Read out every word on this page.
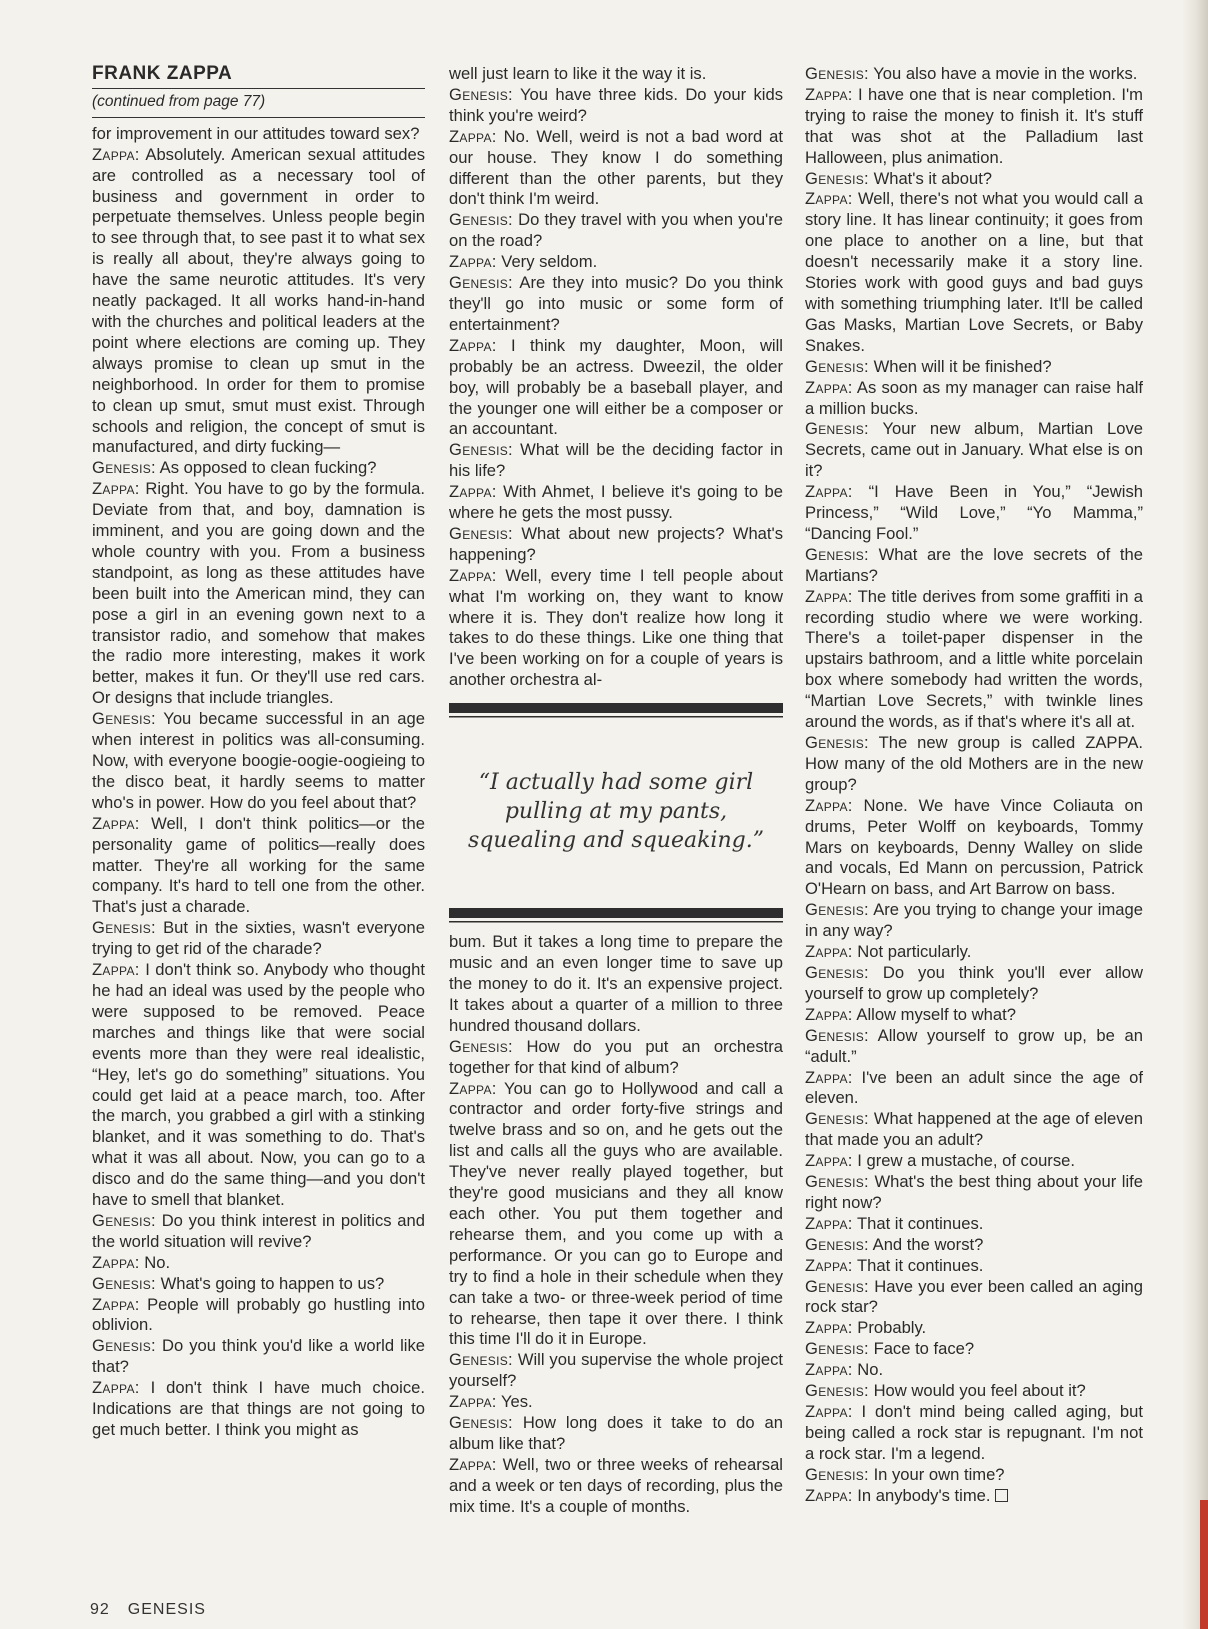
FRANK ZAPPA
(continued from page 77)

for improvement in our attitudes toward sex?

Zappa: Absolutely. American sexual attitudes are controlled as a necessary tool of business and government in order to perpetuate themselves. Unless people begin to see through that, to see past it to what sex is really all about, they're always going to have the same neurotic attitudes. It's very neatly packaged. It all works hand-in-hand with the churches and political leaders at the point where elections are coming up. They always promise to clean up smut in the neighborhood. In order for them to promise to clean up smut, smut must exist. Through schools and religion, the concept of smut is manufactured, and dirty fucking—

Genesis: As opposed to clean fucking?

Zappa: Right. You have to go by the formula. Deviate from that, and boy, damnation is imminent, and you are going down and the whole country with you. From a business standpoint, as long as these attitudes have been built into the American mind, they can pose a girl in an evening gown next to a transistor radio, and somehow that makes the radio more interesting, makes it work better, makes it fun. Or they'll use red cars. Or designs that include triangles.

Genesis: You became successful in an age when interest in politics was all-consuming. Now, with everyone boogie-oogie-oogieing to the disco beat, it hardly seems to matter who's in power. How do you feel about that?

Zappa: Well, I don't think politics—or the personality game of politics—really does matter. They're all working for the same company. It's hard to tell one from the other. That's just a charade.

Genesis: But in the sixties, wasn't everyone trying to get rid of the charade?

Zappa: I don't think so. Anybody who thought he had an ideal was used by the people who were supposed to be removed. Peace marches and things like that were social events more than they were real idealistic, “Hey, let's go do something” situations. You could get laid at a peace march, too. After the march, you grabbed a girl with a stinking blanket, and it was something to do. That's what it was all about. Now, you can go to a disco and do the same thing—and you don't have to smell that blanket.

Genesis: Do you think interest in politics and the world situation will revive?

Zappa: No.

Genesis: What's going to happen to us?

Zappa: People will probably go hustling into oblivion.

Genesis: Do you think you'd like a world like that?

Zappa: I don't think I have much choice. Indications are that things are not going to get much better. I think you might as

well just learn to like it the way it is.

Genesis: You have three kids. Do your kids think you're weird?

Zappa: No. Well, weird is not a bad word at our house. They know I do something different than the other parents, but they don't think I'm weird.

Genesis: Do they travel with you when you're on the road?

Zappa: Very seldom.

Genesis: Are they into music? Do you think they'll go into music or some form of entertainment?

Zappa: I think my daughter, Moon, will probably be an actress. Dweezil, the older boy, will probably be a baseball player, and the younger one will either be a composer or an accountant.

Genesis: What will be the deciding factor in his life?

Zappa: With Ahmet, I believe it's going to be where he gets the most pussy.

Genesis: What about new projects? What's happening?

Zappa: Well, every time I tell people about what I'm working on, they want to know where it is. They don't realize how long it takes to do these things. Like one thing that I've been working on for a couple of years is another orchestra al-

“I actually had some girl pulling at my pants, squealing and squeaking.”

bum. But it takes a long time to prepare the music and an even longer time to save up the money to do it. It's an expensive project. It takes about a quarter of a million to three hundred thousand dollars.

Genesis: How do you put an orchestra together for that kind of album?

Zappa: You can go to Hollywood and call a contractor and order forty-five strings and twelve brass and so on, and he gets out the list and calls all the guys who are available. They've never really played together, but they're good musicians and they all know each other. You put them together and rehearse them, and you come up with a performance. Or you can go to Europe and try to find a hole in their schedule when they can take a two- or three-week period of time to rehearse, then tape it over there. I think this time I'll do it in Europe.

Genesis: Will you supervise the whole project yourself?

Zappa: Yes.

Genesis: How long does it take to do an album like that?

Zappa: Well, two or three weeks of rehearsal and a week or ten days of recording, plus the mix time. It's a couple of months.

Genesis: You also have a movie in the works.

Zappa: I have one that is near completion. I'm trying to raise the money to finish it. It's stuff that was shot at the Palladium last Halloween, plus animation.

Genesis: What's it about?

Zappa: Well, there's not what you would call a story line. It has linear continuity; it goes from one place to another on a line, but that doesn't necessarily make it a story line. Stories work with good guys and bad guys with something triumphing later. It'll be called Gas Masks, Martian Love Secrets, or Baby Snakes.

Genesis: When will it be finished?

Zappa: As soon as my manager can raise half a million bucks.

Genesis: Your new album, Martian Love Secrets, came out in January. What else is on it?

Zappa: “I Have Been in You,” “Jewish Princess,” “Wild Love,” “Yo Mamma,” “Dancing Fool.”

Genesis: What are the love secrets of the Martians?

Zappa: The title derives from some graffiti in a recording studio where we were working. There's a toilet-paper dispenser in the upstairs bathroom, and a little white porcelain box where somebody had written the words, “Martian Love Secrets,” with twinkle lines around the words, as if that's where it's all at.

Genesis: The new group is called ZAPPA. How many of the old Mothers are in the new group?

Zappa: None. We have Vince Coliauta on drums, Peter Wolff on keyboards, Tommy Mars on keyboards, Denny Walley on slide and vocals, Ed Mann on percussion, Patrick O'Hearn on bass, and Art Barrow on bass.

Genesis: Are you trying to change your image in any way?

Zappa: Not particularly.

Genesis: Do you think you'll ever allow yourself to grow up completely?

Zappa: Allow myself to what?

Genesis: Allow yourself to grow up, be an “adult.”

Zappa: I've been an adult since the age of eleven.

Genesis: What happened at the age of eleven that made you an adult?

Zappa: I grew a mustache, of course.

Genesis: What's the best thing about your life right now?

Zappa: That it continues.

Genesis: And the worst?

Zappa: That it continues.

Genesis: Have you ever been called an aging rock star?

Zappa: Probably.

Genesis: Face to face?

Zappa: No.

Genesis: How would you feel about it?

Zappa: I don't mind being called aging, but being called a rock star is repugnant. I'm not a rock star. I'm a legend.

Genesis: In your own time?

Zappa: In anybody's time.

92 GENESIS
